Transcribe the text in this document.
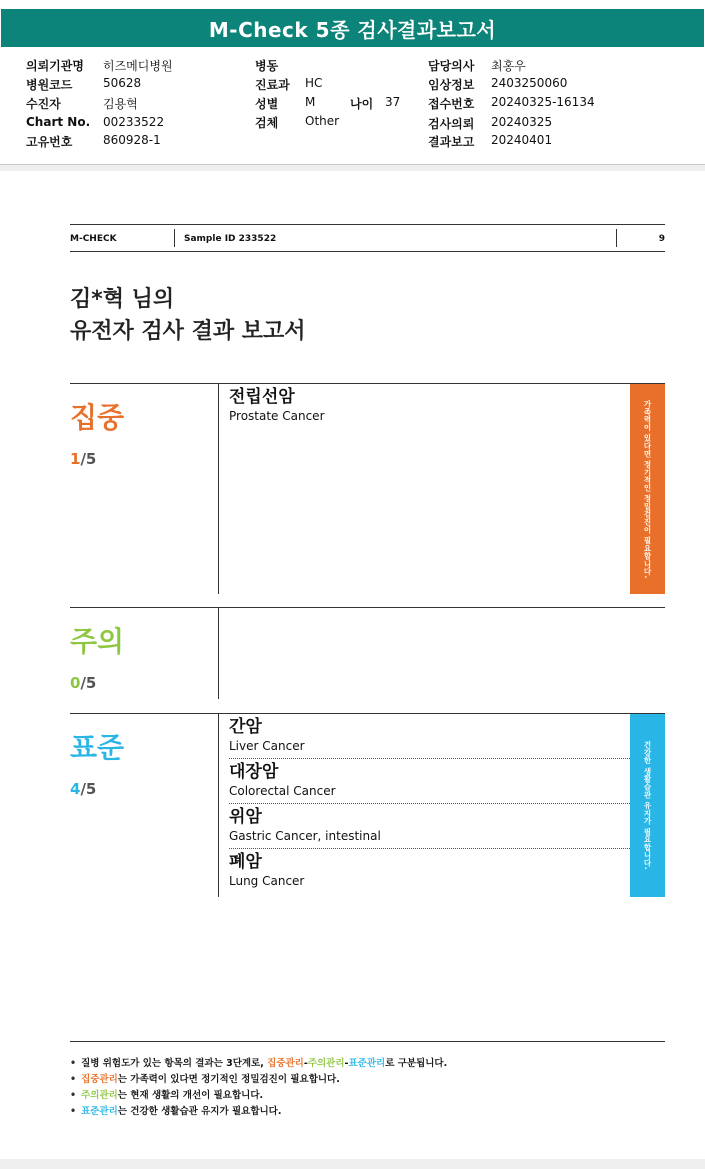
M-Check 5종 검사결과보고서
의뢰기관명 히즈메디병원
병원코드	50628
수진자	김용혁
Chart No. 00233522
고유번호	860928-1
병동
진료과 HC
성별 M	나이 37
검체 Other
담당의사 최홍우
임상정보 2403250060
접수번호 20240325-16134
검사의뢰 20240325
결과보고 20240401
M-CHECK	Sample ID 233522	9
김*혁 님의
유전자 검사 결과 보고서
집중
1/5
전립선암
Prostate Cancer	가족력이 있다면 정기적인 정밀검진이 필요합니다.
주의
0/5
표준
4/5
간암
Liver Cancer
대장암
Colorectal Cancer
위암
Gastric Cancer, intestinal
폐암
Lung Cancer
건강한 생활습관 유지가 필요합니다.
• 질병 위험도가 있는 항목의 결과는 3단계로, 집중관리-주의관리-표준관리로 구분됩니다.
• 집중관리는 가족력이 있다면 정기적인 정밀검진이 필요합니다.
• 주의관리는 현재 생활의 개선이 필요합니다.
• 표준관리는 건강한 생활습관 유지가 필요합니다.
